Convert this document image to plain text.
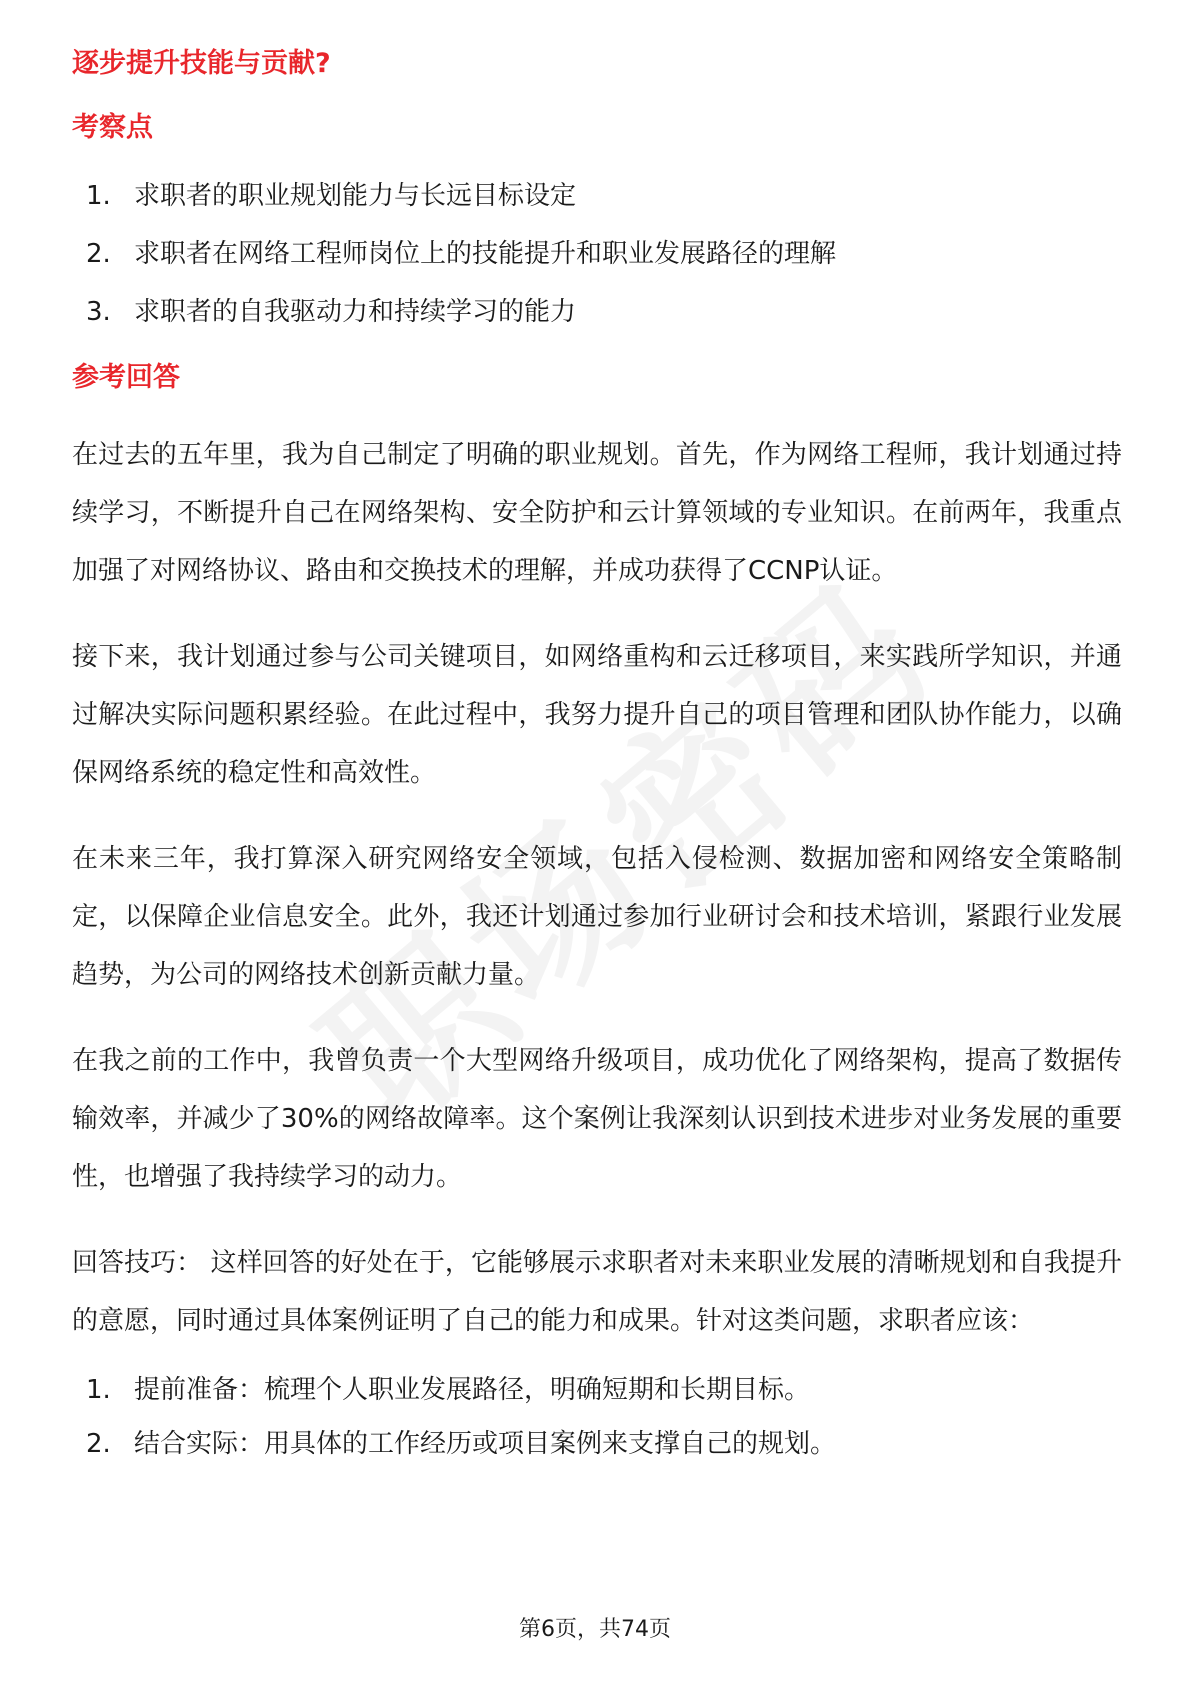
逐步提升技能与贡献?
考察点
1. 求职者的职业规划能力与长远目标设定
2. 求职者在网络工程师岗位上的技能提升和职业发展路径的理解
3. 求职者的自我驱动力和持续学习的能力
参考回答

在过去的五年里，我为自己制定了明确的职业规划。首先，作为网络工程师，我计划通过持续学习，不断提升自己在网络架构、安全防护和云计算领域的专业知识。在前两年，我重点加强了对网络协议、路由和交换技术的理解，并成功获得了CCNP认证。

接下来，我计划通过参与公司关键项目，如网络重构和云迁移项目，来实践所学知识，并通过解决实际问题积累经验。在此过程中，我努力提升自己的项目管理和团队协作能力，以确保网络系统的稳定性和高效性。

在未来三年，我打算深入研究网络安全领域，包括入侵检测、数据加密和网络安全策略制定，以保障企业信息安全。此外，我还计划通过参加行业研讨会和技术培训，紧跟行业发展趋势，为公司的网络技术创新贡献力量。

在我之前的工作中，我曾负责一个大型网络升级项目，成功优化了网络架构，提高了数据传输效率，并减少了30%的网络故障率。这个案例让我深刻认识到技术进步对业务发展的重要性，也增强了我持续学习的动力。

回答技巧： 这样回答的好处在于，它能够展示求职者对未来职业发展的清晰规划和自我提升的意愿，同时通过具体案例证明了自己的能力和成果。针对这类问题，求职者应该：

1. 提前准备：梳理个人职业发展路径，明确短期和长期目标。
2. 结合实际：用具体的工作经历或项目案例来支撑自己的规划。
第6页，共74页
